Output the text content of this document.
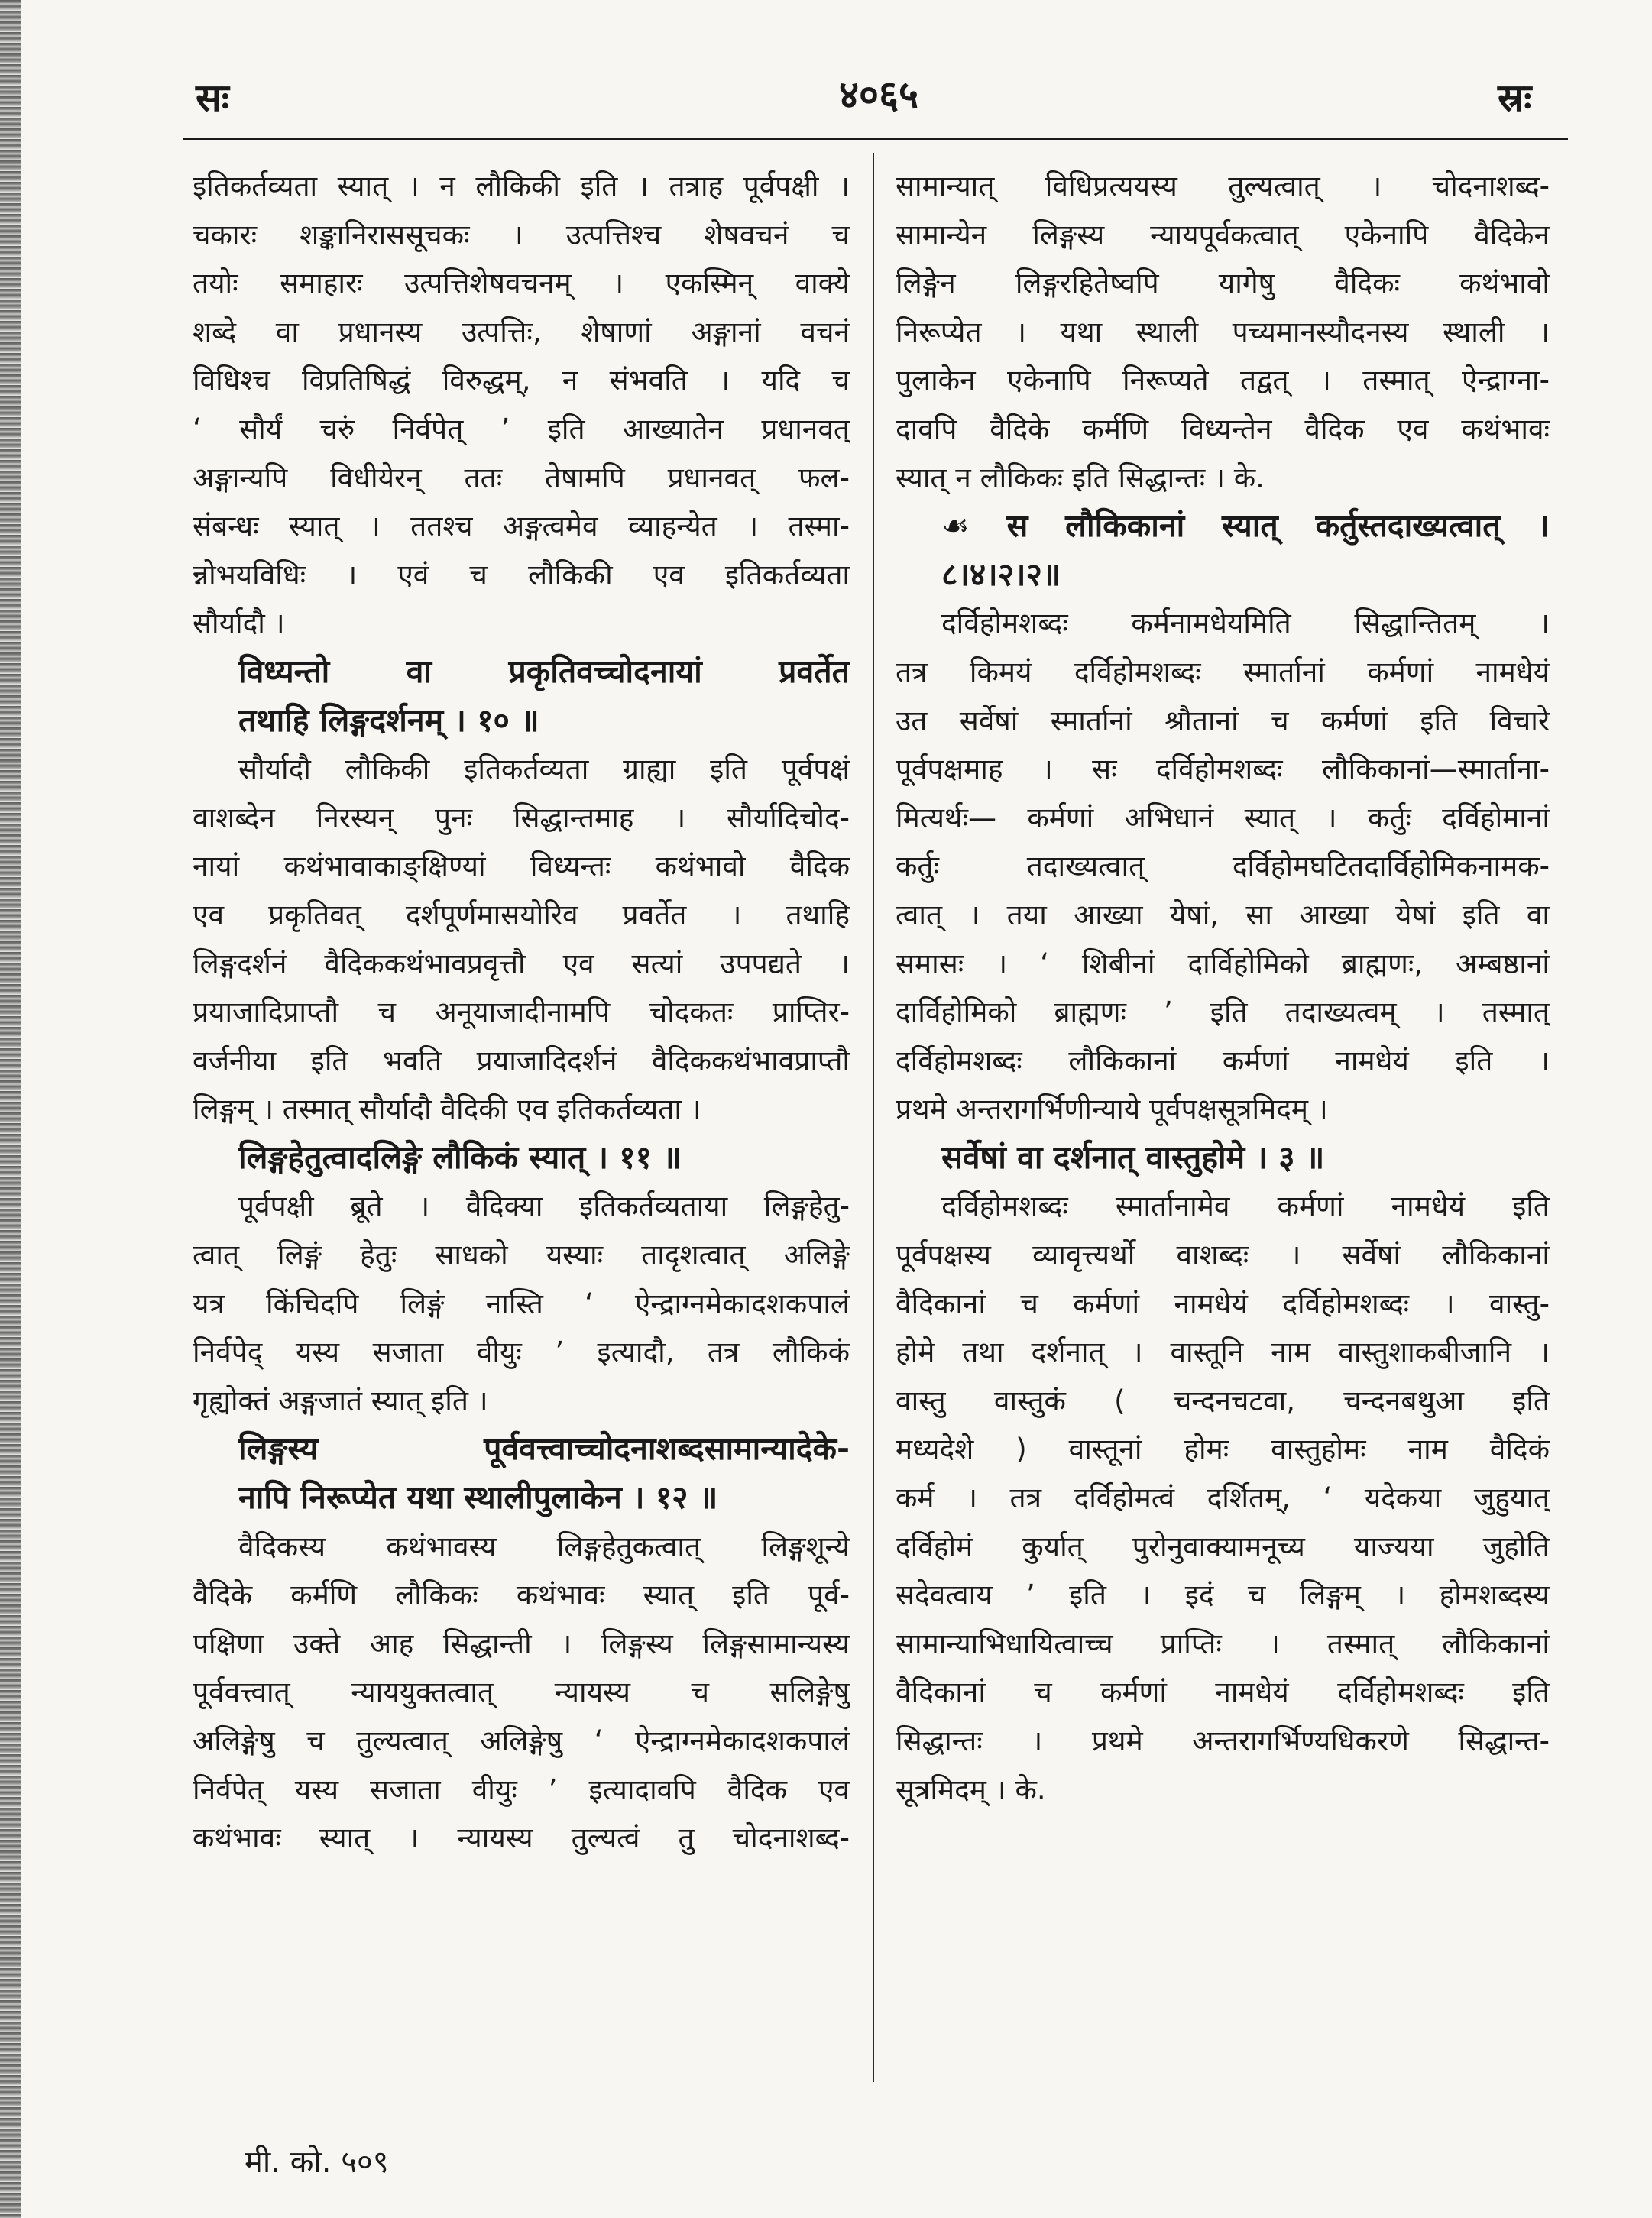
सः	४०६५	स्रः
इतिकर्तव्यता स्यात् । न लौकिकी इति । तत्राह पूर्वपक्षी ।
चकारः शङ्कानिराससूचकः । उत्पत्तिश्च शेषवचनं च
तयोः समाहारः उत्पत्तिशेषवचनम् । एकस्मिन् वाक्ये
शब्दे वा प्रधानस्य उत्पत्तिः, शेषाणां अङ्गानां वचनं
विधिश्च विप्रतिषिद्धं विरुद्धम्, न संभवति । यदि च
‘ सौर्यं चरुं निर्वपेत् ’ इति आख्यातेन प्रधानवत्
अङ्गान्यपि विधीयेरन् ततः तेषामपि प्रधानवत् फल-
संबन्धः स्यात् । ततश्च अङ्गत्वमेव व्याहन्येत । तस्मा-
न्नोभयविधिः । एवं च लौकिकी एव इतिकर्तव्यता
सौर्यादौ ।
विध्यन्तो वा प्रकृतिवच्चोदनायां प्रवर्तेत
तथाहि लिङ्गदर्शनम् । १० ॥
सौर्यादौ लौकिकी इतिकर्तव्यता ग्राह्या इति पूर्वपक्षं
वाशब्देन निरस्यन् पुनः सिद्धान्तमाह । सौर्यादिचोद-
नायां कथंभावाकाङ्क्षिण्यां विध्यन्तः कथंभावो वैदिक
एव प्रकृतिवत् दर्शपूर्णमासयोरिव प्रवर्तेत । तथाहि
लिङ्गदर्शनं वैदिककथंभावप्रवृत्तौ एव सत्यां उपपद्यते ।
प्रयाजादिप्राप्तौ च अनूयाजादीनामपि चोदकतः प्राप्तिर-
वर्जनीया इति भवति प्रयाजादिदर्शनं वैदिककथंभावप्राप्तौ
लिङ्गम् । तस्मात् सौर्यादौ वैदिकी एव इतिकर्तव्यता ।
लिङ्गहेतुत्वादलिङ्गे लौकिकं स्यात् । ११ ॥
पूर्वपक्षी ब्रूते । वैदिक्या इतिकर्तव्यताया लिङ्गहेतु-
त्वात् लिङ्गं हेतुः साधको यस्याः तादृशत्वात् अलिङ्गे
यत्र किंचिदपि लिङ्गं नास्ति ‘ ऐन्द्राग्नमेकादशकपालं
निर्वपेद् यस्य सजाता वीयुः ’ इत्यादौ, तत्र लौकिकं
गृह्योक्तं अङ्गजातं स्यात् इति ।
लिङ्गस्य पूर्ववत्त्वाच्चोदनाशब्दसामान्यादेके-
नापि निरूप्येत यथा स्थालीपुलाकेन । १२ ॥
वैदिकस्य कथंभावस्य लिङ्गहेतुकत्वात् लिङ्गशून्ये
वैदिके कर्मणि लौकिकः कथंभावः स्यात् इति पूर्व-
पक्षिणा उक्ते आह सिद्धान्ती । लिङ्गस्य लिङ्गसामान्यस्य
पूर्ववत्त्वात् न्याययुक्तत्वात् न्यायस्य च सलिङ्गेषु
अलिङ्गेषु च तुल्यत्वात् अलिङ्गेषु ‘ ऐन्द्राग्नमेकादशकपालं
निर्वपेत् यस्य सजाता वीयुः ’ इत्यादावपि वैदिक एव
कथंभावः स्यात् । न्यायस्य तुल्यत्वं तु चोदनाशब्द-
सामान्यात् विधिप्रत्ययस्य तुल्यत्वात् । चोदनाशब्द-
सामान्येन लिङ्गस्य न्यायपूर्वकत्वात् एकेनापि वैदिकेन
लिङ्गेन लिङ्गरहितेष्वपि यागेषु वैदिकः कथंभावो
निरूप्येत । यथा स्थाली पच्यमानस्यौदनस्य स्थाली ।
पुलाकेन एकेनापि निरूप्यते तद्वत् । तस्मात् ऐन्द्राग्ना-
दावपि वैदिके कर्मणि विध्यन्तेन वैदिक एव कथंभावः
स्यात् न लौकिकः इति सिद्धान्तः । के.
☙ स लौकिकानां स्यात् कर्तुस्तदाख्यत्वात् ।
८।४।२।२॥
दर्विहोमशब्दः कर्मनामधेयमिति सिद्धान्तितम् ।
तत्र किमयं दर्विहोमशब्दः स्मार्तानां कर्मणां नामधेयं
उत सर्वेषां स्मार्तानां श्रौतानां च कर्मणां इति विचारे
पूर्वपक्षमाह । सः दर्विहोमशब्दः लौकिकानां—स्मार्ताना-
मित्यर्थः— कर्मणां अभिधानं स्यात् । कर्तुः दर्विहोमानां
कर्तुः तदाख्यत्वात् दर्विहोमघटितदार्विहोमिकनामक-
त्वात् । तया आख्या येषां, सा आख्या येषां इति वा
समासः । ‘ शिबीनां दार्विहोमिको ब्राह्मणः, अम्बष्ठानां
दार्विहोमिको ब्राह्मणः ’ इति तदाख्यत्वम् । तस्मात्
दर्विहोमशब्दः लौकिकानां कर्मणां नामधेयं इति ।
प्रथमे अन्तरागर्भिणीन्याये पूर्वपक्षसूत्रमिदम् ।
सर्वेषां वा दर्शनात् वास्तुहोमे । ३ ॥
दर्विहोमशब्दः स्मार्तानामेव कर्मणां नामधेयं इति
पूर्वपक्षस्य व्यावृत्त्यर्थो वाशब्दः । सर्वेषां लौकिकानां
वैदिकानां च कर्मणां नामधेयं दर्विहोमशब्दः । वास्तु-
होमे तथा दर्शनात् । वास्तूनि नाम वास्तुशाकबीजानि ।
वास्तु वास्तुकं ( चन्दनचटवा, चन्दनबथुआ इति
मध्यदेशे ) वास्तूनां होमः वास्तुहोमः नाम वैदिकं
कर्म । तत्र दर्विहोमत्वं दर्शितम्, ‘ यदेकया जुहुयात्
दर्विहोमं कुर्यात् पुरोनुवाक्यामनूच्य याज्यया जुहोति
सदेवत्वाय ’ इति । इदं च लिङ्गम् । होमशब्दस्य
सामान्याभिधायित्वाच्च प्राप्तिः । तस्मात् लौकिकानां
वैदिकानां च कर्मणां नामधेयं दर्विहोमशब्दः इति
सिद्धान्तः । प्रथमे अन्तरागर्भिण्यधिकरणे सिद्धान्त-
सूत्रमिदम् । के.
मी. को. ५०९
